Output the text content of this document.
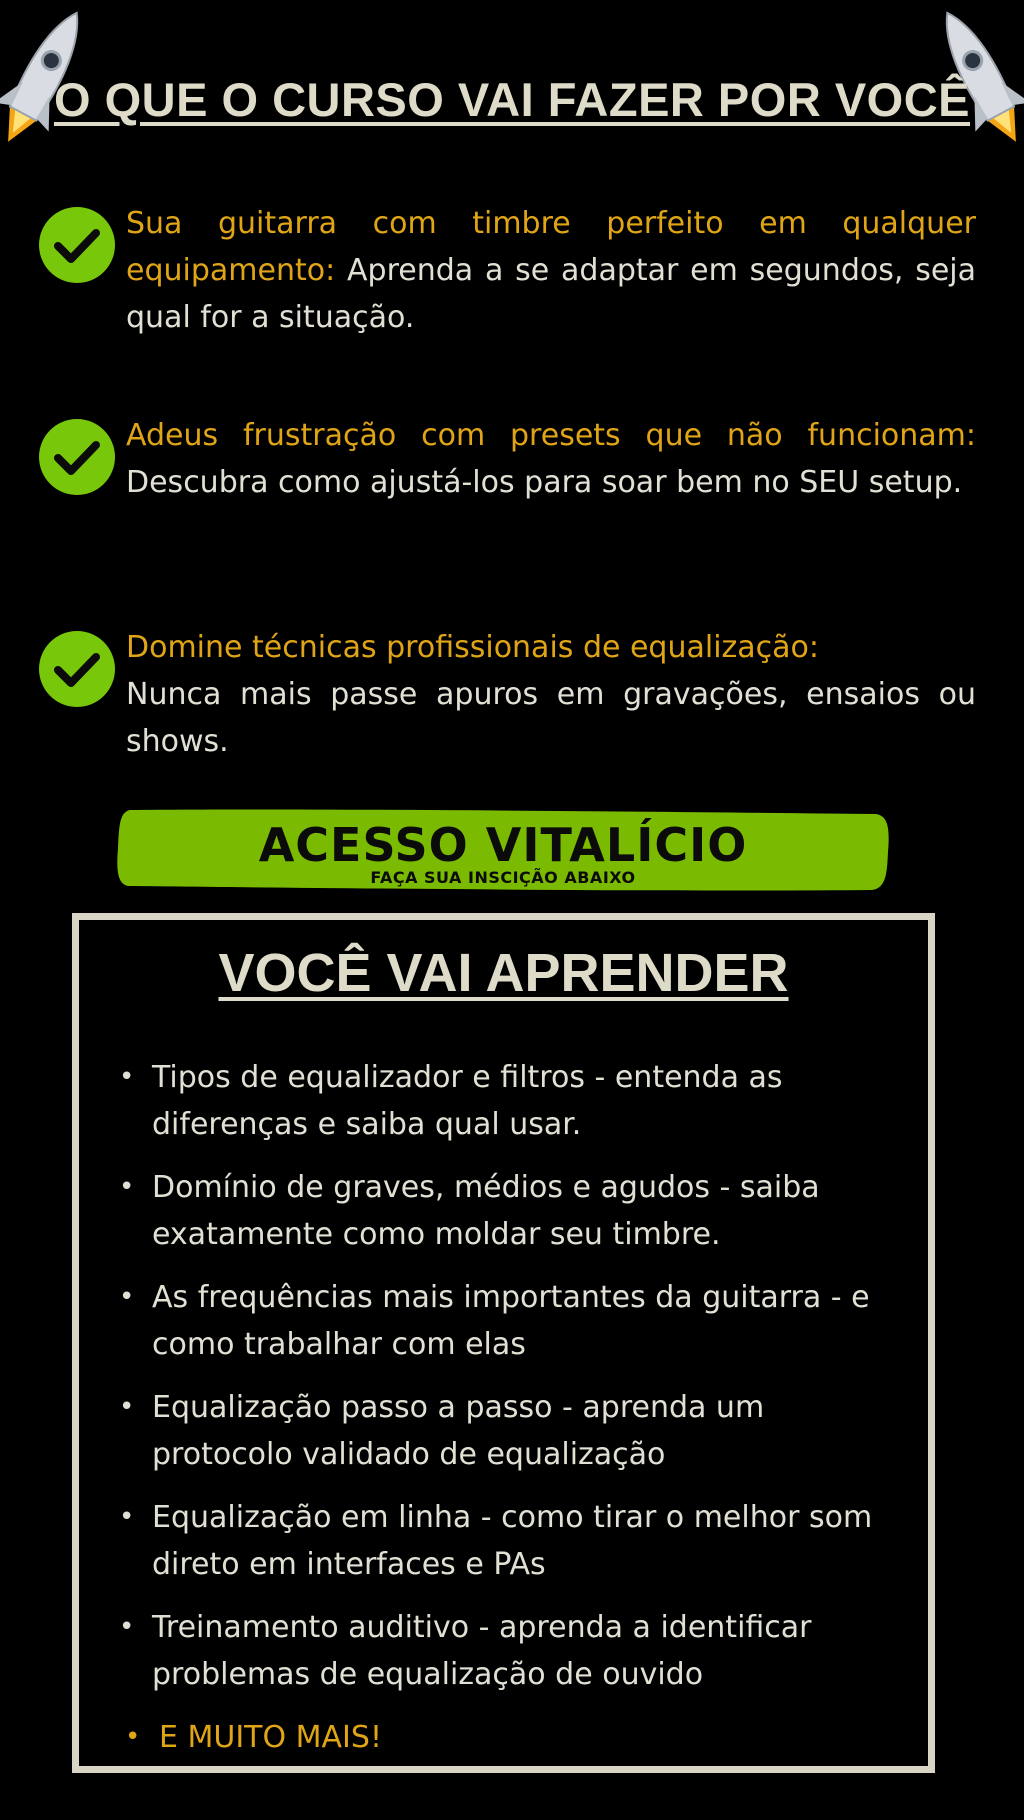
O QUE O CURSO VAI FAZER POR VOCÊ

Sua guitarra com timbre perfeito em qualquer equipamento: Aprenda a se adaptar em segundos, seja qual for a situação.

Adeus frustração com presets que não funcionam: Descubra como ajustá-los para soar bem no SEU setup.

Domine técnicas profissionais de equalização:
Nunca mais passe apuros em gravações, ensaios ou shows.

ACESSO VITALÍCIO
FAÇA SUA INSCIÇÃO ABAIXO
VOCÊ VAI APRENDER
• Tipos de equalizador e filtros - entenda as diferenças e saiba qual usar.
• Domínio de graves, médios e agudos - saiba exatamente como moldar seu timbre.
• As frequências mais importantes da guitarra - e como trabalhar com elas
• Equalização passo a passo - aprenda um protocolo validado de equalização
• Equalização em linha - como tirar o melhor som direto em interfaces e PAs
• Treinamento auditivo - aprenda a identificar problemas de equalização de ouvido
• E MUITO MAIS!
